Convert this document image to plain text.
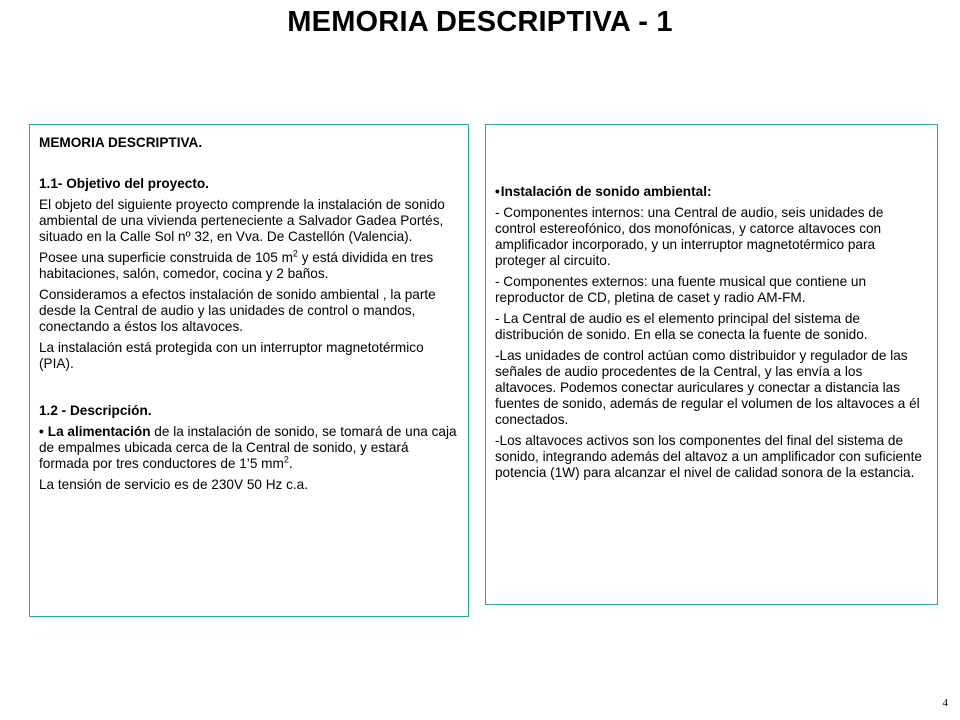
MEMORIA DESCRIPTIVA - 1

MEMORIA DESCRIPTIVA.

1.1- Objetivo del proyecto.

El objeto del siguiente proyecto comprende la instalación de sonido ambiental de una vivienda perteneciente a Salvador Gadea Portés, situado en la Calle Sol nº 32, en Vva. De Castellón (Valencia).

Posee una superficie construida de 105 $m^2$ y está dividida en tres habitaciones, salón, comedor, cocina y 2 baños.

Consideramos a efectos instalación de sonido ambiental , la parte desde la Central de audio y las unidades de control o mandos, conectando a éstos los altavoces.

La instalación está protegida con un interruptor magnetotérmico (PIA).

1.2 - Descripción.

• La alimentación de la instalación de sonido, se tomará de una caja de empalmes ubicada cerca de la Central de sonido, y estará formada por tres conductores de 1’5 $mm^2$.

La tensión de servicio es de 230V 50 Hz c.a.

•Instalación de sonido ambiental:

- Componentes internos: una Central de audio, seis unidades de control estereofónico, dos monofónicas, y catorce altavoces con amplificador incorporado, y un interruptor magnetotérmico para proteger al circuito.

- Componentes externos: una fuente musical que contiene un reproductor de CD, pletina de caset y radio AM-FM.

- La Central de audio es el elemento principal del sistema de distribución de sonido. En ella se conecta la fuente de sonido.

-Las unidades de control actúan como distribuidor y regulador de las señales de audio procedentes de la Central, y las envía a los altavoces. Podemos conectar auriculares y conectar a distancia las fuentes de sonido, además de regular el volumen de los altavoces a él conectados.

-Los altavoces activos son los componentes del final del sistema de sonido, integrando además del altavoz a un amplificador con suficiente potencia (1W) para alcanzar el nivel de calidad sonora de la estancia.

4
